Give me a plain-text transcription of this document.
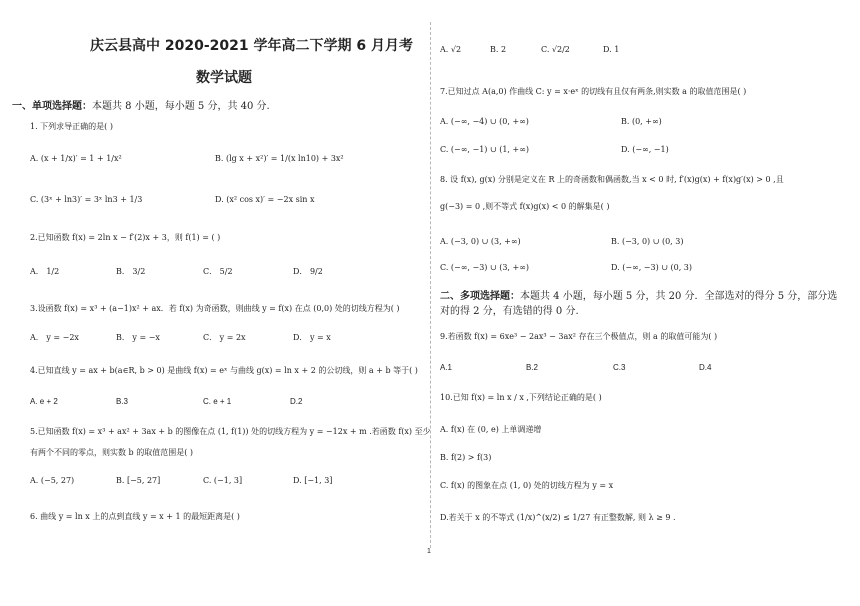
庆云县高中 2020-2021 学年高二下学期 6 月月考
数学试题
一、单项选择题：本题共 8 小题，每小题 5 分，共 40 分.
1. 下列求导正确的是( )
A. (x + 1/x)′ = 1 + 1/x²	B. (lg x + x²)′ = 1/(x ln10) + 3x²
C. (3ˣ + ln3)′ = 3ˣ ln3 + 1/3	D. (x² cos x)′ = −2x sin x
2.已知函数 f(x) = 2ln x − f′(2)x + 3，则 f(1) = ( )
A． 1/2	B． 3/2	C． 5/2	D． 9/2
3.设函数 f(x) = x³ + (a−1)x² + ax．若 f(x) 为奇函数，则曲线 y = f(x) 在点 (0,0) 处的切线方程为( )
A． y = −2x	B． y = −x	C． y = 2x	D． y = x
4.已知直线 y = ax + b(a∈R, b > 0) 是曲线 f(x) = eˣ 与曲线 g(x) = ln x + 2 的公切线，则 a + b 等于( )
A. e + 2	B.3	C. e + 1	D.2
5.已知函数 f(x) = x³ + ax² + 3ax + b 的图像在点 (1, f(1)) 处的切线方程为 y = −12x + m .若函数 f(x) 至少
有两个不同的零点，则实数 b 的取值范围是( )
A. (−5, 27)	B. [−5, 27]	C. (−1, 3]	D. [−1, 3]
6. 曲线 y = ln x 上的点到直线 y = x + 1 的最短距离是( )
1
A. √2	B. 2	C. √2/2	D. 1
7.已知过点 A(a,0) 作曲线 C: y = x·eˣ 的切线有且仅有两条,则实数 a 的取值范围是( )
A. (−∞, −4) ∪ (0, +∞)	B. (0, +∞)
C. (−∞, −1) ∪ (1, +∞)	D. (−∞, −1)
8. 设 f(x), g(x) 分别是定义在 R 上的奇函数和偶函数,当 x < 0 时, f′(x)g(x) + f(x)g′(x) > 0 ,且
g(−3) = 0 ,则不等式 f(x)g(x) < 0 的解集是( )
A. (−3, 0) ∪ (3, +∞)	B. (−3, 0) ∪ (0, 3)
C. (−∞, −3) ∪ (3, +∞)	D. (−∞, −3) ∪ (0, 3)
二、多项选择题：本题共 4 小题，每小题 5 分，共 20 分．全部选对的得分 5 分，部分选
对的得 2 分，有选错的得 0 分.
9.若函数 f(x) = 6xe³ − 2ax³ − 3ax² 存在三个极值点，则 a 的取值可能为( )
A.1	B.2	C.3	D.4
10.已知 f(x) = ln x / x ,下列结论正确的是( )
A. f(x) 在 (0, e) 上单调递增
B. f(2) > f(3)
C. f(x) 的图象在点 (1, 0) 处的切线方程为 y = x
D.若关于 x 的不等式 (1/x)^(x/2) ≤ 1/27 有正整数解, 则 λ ≥ 9 .
